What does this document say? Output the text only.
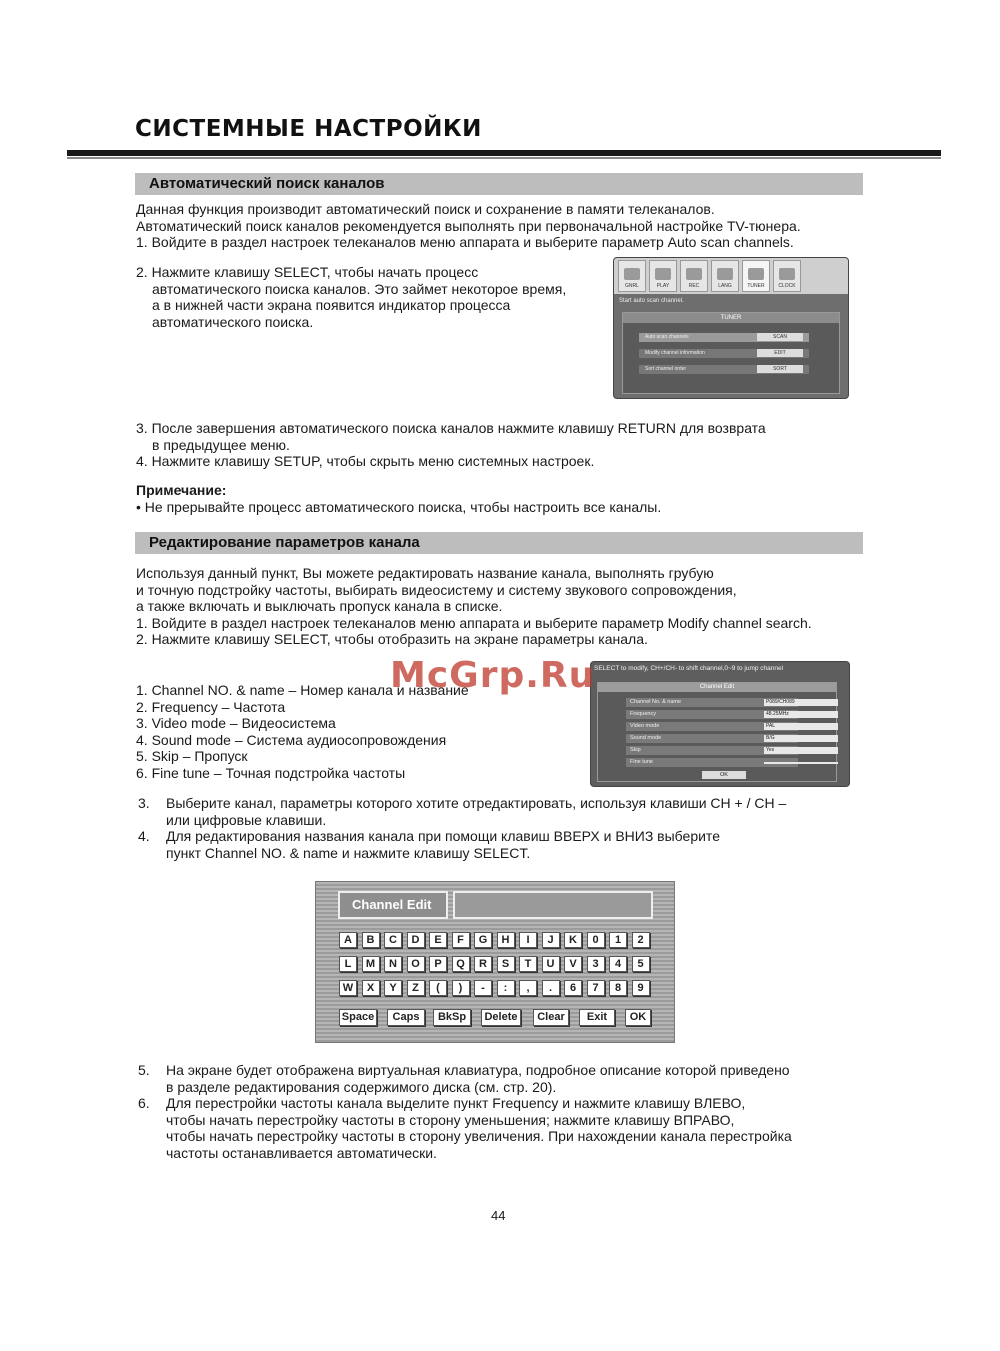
СИСТЕМНЫЕ НАСТРОЙКИ
Автоматический поиск каналов
Данная функция производит автоматический поиск и сохранение в памяти телеканалов.
Автоматический поиск каналов рекомендуется выполнять при первоначальной настройке TV-тюнера.
1. Войдите в раздел настроек телеканалов меню аппарата и выберите параметр Auto scan channels.
2. Нажмите клавишу SELECT, чтобы начать процесс
автоматического поиска каналов. Это займет некоторое время,
а в нижней части экрана появится индикатор процесса
автоматического поиска.
GNRL	PLAY	REC	LANG	TUNER	CLOCK
Start auto scan channel.
TUNER
Auto scan channels	SCAN
Modify channel information	EDIT
Sort channel order	SORT
3. После завершения автоматического поиска каналов нажмите клавишу RETURN для возврата
в предыдущее меню.
4. Нажмите клавишу SETUP, чтобы скрыть меню системных настроек.
Примечание:
• Не прерывайте процесс автоматического поиска, чтобы настроить все каналы.
Редактирование параметров канала
Используя данный пункт, Вы можете редактировать название канала, выполнять грубую
и точную подстройку частоты, выбирать видеосистему и систему звукового сопровождения,
а также включать и выключать пропуск канала в списке.
1. Войдите в раздел настроек телеканалов меню аппарата и выберите параметр Modify channel search.
2. Нажмите клавишу SELECT, чтобы отобразить на экране параметры канала.
1. Channel NO. & name – Номер канала и название
2. Frequency – Частота
3. Video mode – Видеосистема
4. Sound mode – Система аудиосопровождения
5. Skip – Пропуск
6. Fine tune – Точная подстройка частоты
SELECT to modify, CH+/CH- to shift channel,0~9 to jump channel
Channel Edit
Channel No. & name	P089/CH089
Frequency	48.25MHz
Video mode	PAL
Sound mode	B/G
Skip	Yes
Fine tune
OK
McGrp.Ru
3.	Выберите канал, параметры которого хотите отредактировать, используя клавиши CH + / CH –
или цифровые клавиши.
4.	Для редактирования названия канала при помощи клавиш ВВЕРХ и ВНИЗ выберите
пункт Channel NO. & name и нажмите клавишу SELECT.
Channel Edit
A	B	C	D	E	F	G	H	I	J	K	0	1	2
L	M	N	O	P	Q	R	S	T	U	V	3	4	5
W	X	Y	Z	(	)	-	:	,	.	6	7	8	9
Space	Caps	BkSp	Delete	Clear	Exit	OK
5.	На экране будет отображена виртуальная клавиатура, подробное описание которой приведено
в разделе редактирования содержимого диска (см. стр. 20).
6.	Для перестройки частоты канала выделите пункт Frequency и нажмите клавишу ВЛЕВО,
чтобы начать перестройку частоты в сторону уменьшения; нажмите клавишу ВПРАВО,
чтобы начать перестройку частоты в сторону увеличения. При нахождении канала перестройка
частоты останавливается автоматически.
44
